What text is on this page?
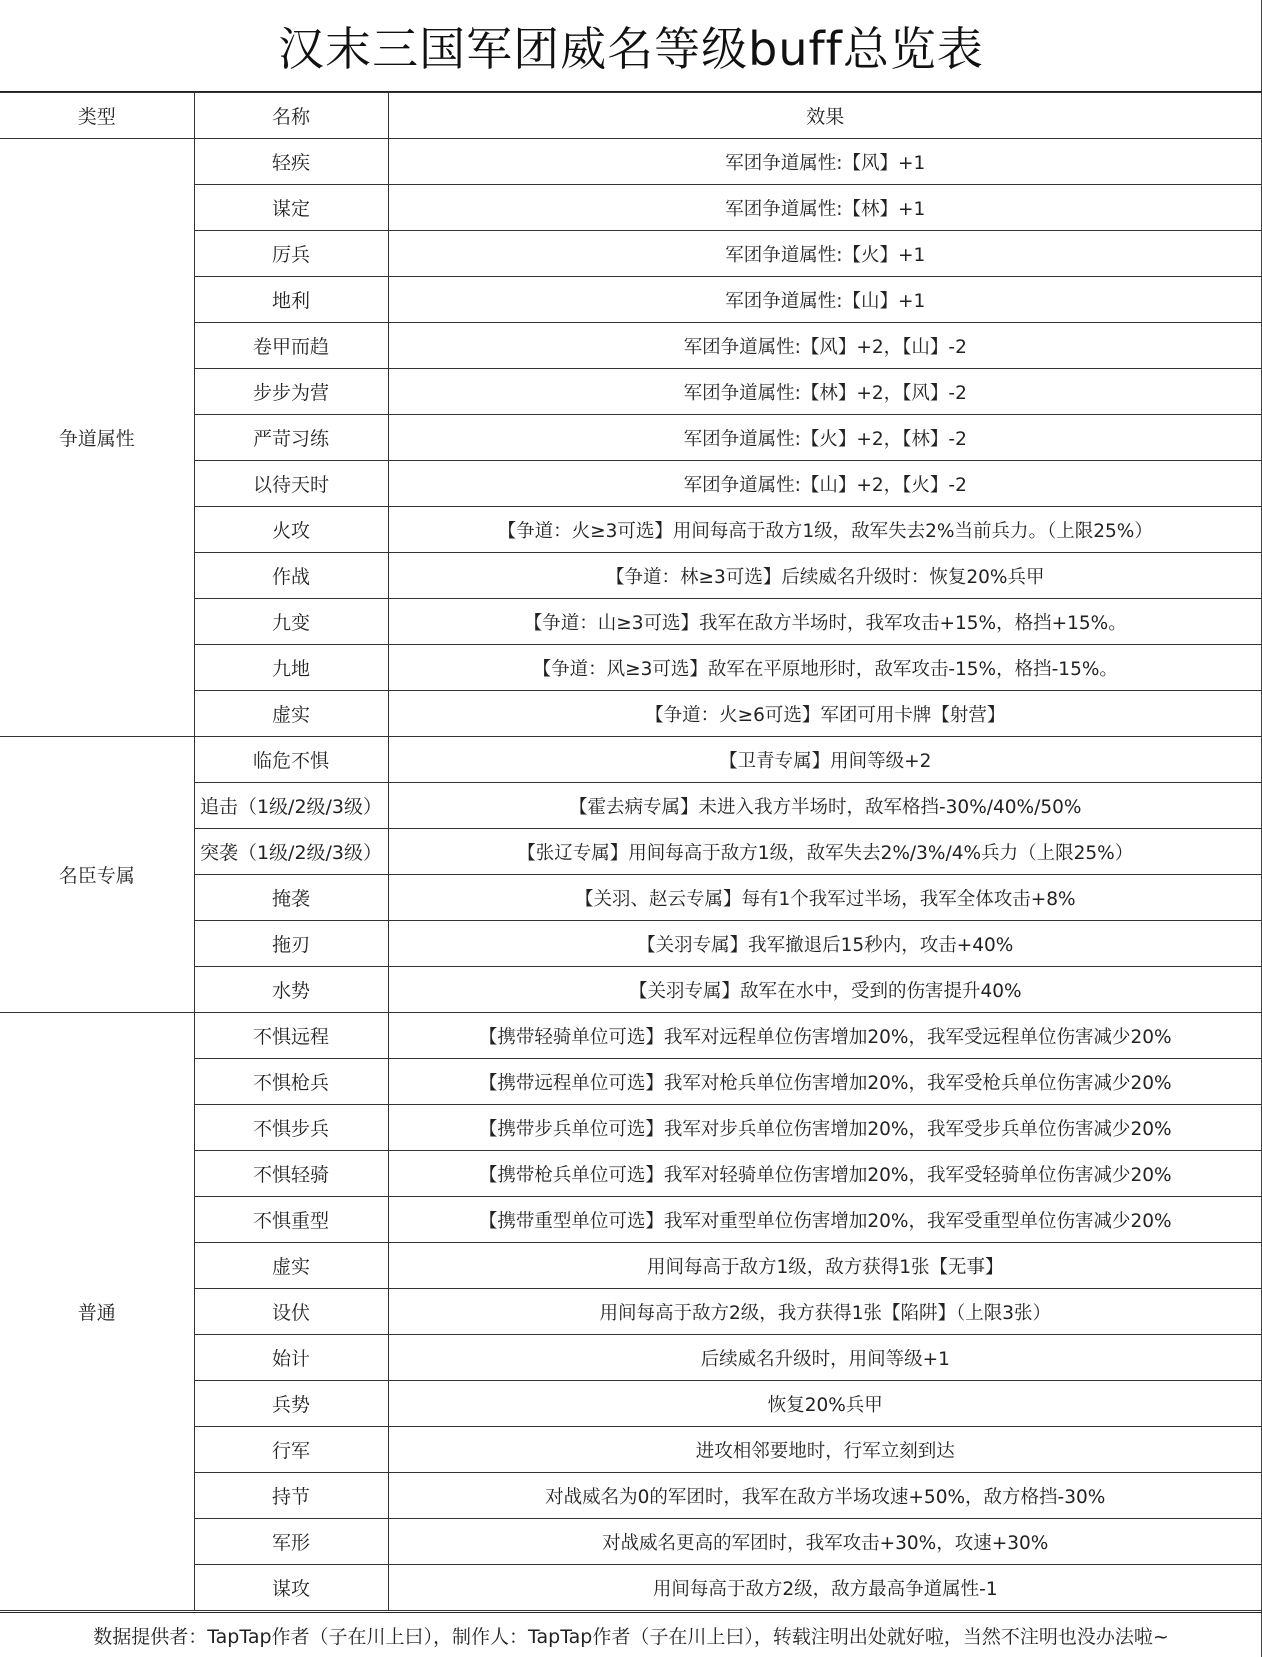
汉末三国军团威名等级buff总览表
类型	名称	效果
争道属性	轻疾	军团争道属性:【风】+1
	谋定	军团争道属性:【林】+1
	厉兵	军团争道属性:【火】+1
	地利	军团争道属性:【山】+1
	卷甲而趋	军团争道属性:【风】+2，【山】-2
	步步为营	军团争道属性:【林】+2，【风】-2
	严苛习练	军团争道属性:【火】+2，【林】-2
	以待天时	军团争道属性:【山】+2，【火】-2
	火攻	【争道：火≥3可选】用间每高于敌方1级，敌军失去2%当前兵力。（上限25%）
	作战	【争道：林≥3可选】后续威名升级时：恢复20%兵甲
	九变	【争道：山≥3可选】我军在敌方半场时，我军攻击+15%，格挡+15%。
	九地	【争道：风≥3可选】敌军在平原地形时，敌军攻击-15%，格挡-15%。
	虚实	【争道：火≥6可选】军团可用卡牌【射营】
名臣专属	临危不惧	【卫青专属】用间等级+2
	追击（1级/2级/3级）	【霍去病专属】未进入我方半场时，敌军格挡-30%/40%/50%
	突袭（1级/2级/3级）	【张辽专属】用间每高于敌方1级，敌军失去2%/3%/4%兵力（上限25%）
	掩袭	【关羽、赵云专属】每有1个我军过半场，我军全体攻击+8%
	拖刃	【关羽专属】我军撤退后15秒内，攻击+40%
	水势	【关羽专属】敌军在水中，受到的伤害提升40%
普通	不惧远程	【携带轻骑单位可选】我军对远程单位伤害增加20%，我军受远程单位伤害减少20%
	不惧枪兵	【携带远程单位可选】我军对枪兵单位伤害增加20%，我军受枪兵单位伤害减少20%
	不惧步兵	【携带步兵单位可选】我军对步兵单位伤害增加20%，我军受步兵单位伤害减少20%
	不惧轻骑	【携带枪兵单位可选】我军对轻骑单位伤害增加20%，我军受轻骑单位伤害减少20%
	不惧重型	【携带重型单位可选】我军对重型单位伤害增加20%，我军受重型单位伤害减少20%
	虚实	用间每高于敌方1级，敌方获得1张【无事】
	设伏	用间每高于敌方2级，我方获得1张【陷阱】（上限3张）
	始计	后续威名升级时，用间等级+1
	兵势	恢复20%兵甲
	行军	进攻相邻要地时，行军立刻到达
	持节	对战威名为0的军团时，我军在敌方半场攻速+50%，敌方格挡-30%
	军形	对战威名更高的军团时，我军攻击+30%，攻速+30%
	谋攻	用间每高于敌方2级，敌方最高争道属性-1
数据提供者：TapTap作者（子在川上曰），制作人：TapTap作者（子在川上曰），转载注明出处就好啦，当然不注明也没办法啦~
